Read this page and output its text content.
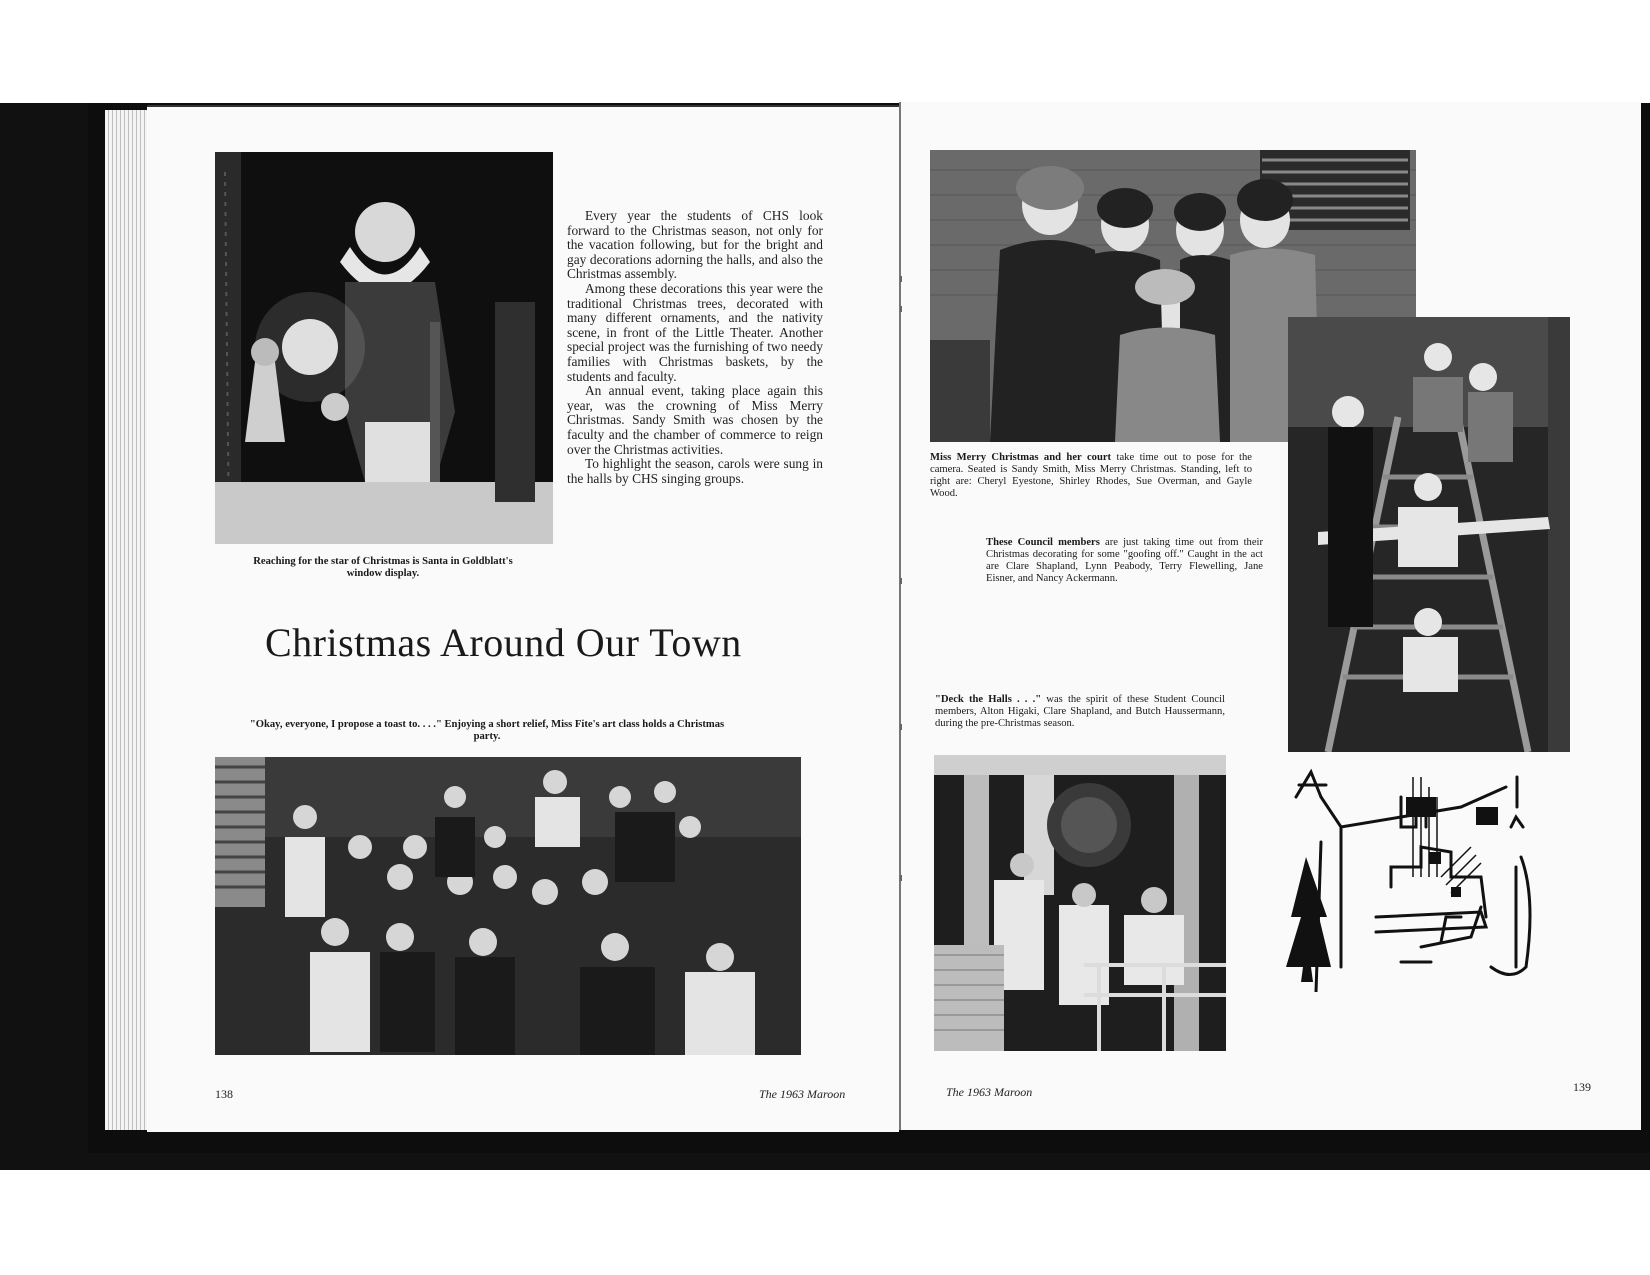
Reaching for the star of Christmas is Santa in Goldblatt's window display.

Every year the students of CHS look forward to the Christmas season, not only for the vacation following, but for the bright and gay decorations adorning the halls, and also the Christmas assembly.

Among these decorations this year were the traditional Christmas trees, decorated with many different ornaments, and the nativity scene, in front of the Little Theater. Another special project was the furnishing of two needy families with Christmas baskets, by the students and faculty.

An annual event, taking place again this year, was the crowning of Miss Merry Christmas. Sandy Smith was chosen by the faculty and the chamber of commerce to reign over the Christmas activities.

To highlight the season, carols were sung in the halls by CHS singing groups.

Christmas Around Our Town
"Okay, everyone, I propose a toast to. . . ." Enjoying a short relief, Miss Fite's art class holds a Christmas party.
138	The 1963 Maroon
Miss Merry Christmas and her court take time out to pose for the camera. Seated is Sandy Smith, Miss Merry Christmas. Standing, left to right are: Cheryl Eyestone, Shirley Rhodes, Sue Overman, and Gayle Wood.
These Council members are just taking time out from their Christmas decorating for some "goofing off." Caught in the act are Clare Shapland, Lynn Peabody, Terry Flewelling, Jane Eisner, and Nancy Ackermann.
"Deck the Halls . . ." was the spirit of these Student Council members, Alton Higaki, Clare Shapland, and Butch Haussermann, during the pre-Christmas season.
The 1963 Maroon	139
